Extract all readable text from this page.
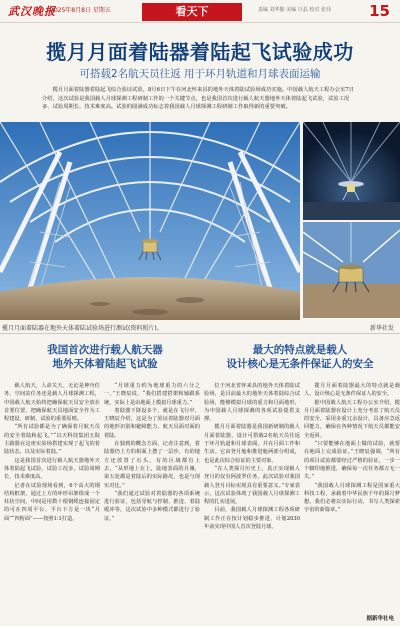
武汉晚报
2025年8月8日 星期五	看天下	责编 刘华勤 美编 日晶 校对 张玮	15
揽月月面着陆器着陆起飞试验成功
可搭载2名航天员往返 用于环月轨道和月球表面运输

揽月月面着陆器着陆起飞综合验证试验，8月6日下午在河北怀来县的地外天体着陆试验场成功实施。中国载人航天工程办公室7日介绍，这次试验是我国载人月球探测工程研制工作的一个关键节点，也是我国首次进行载人航天器地外天体着陆起飞试验，试验工况多、试验周期长，技术难度高。试验的圆满成功标志着我国载人月球探测工程研制工作取得新的重要突破。

揽月月面着陆器在地外天体着陆试验场进行测试(资料照片)。	新华社发
我国首次进行载人航天器
地外天体着陆起飞试验
最大的特点就是载人
设计核心是无条件保证人的安全

载人航天，人命关天。无论是神舟任务，空间站任务还是载人月球探测工程，中国载人航天始终把确保航天员安全放在首要位置，把确保航天员地面安全作为工程建设、研制、试验的重要原则。

“所有试验都是为了确保着月航天员的安全着陆和起飞。”“以天科技集团五院主路器在这座实验场搭建实现了起飞的着陆状态，以及实际着陆。”

这是我国首次进行载人航天器地外天体着陆起飞试验，试验工况多，试验周期长，技术难度高。

记者在试验现场看到，6个高大的钢结构框架，通过上方的环形吊架组成一个柱状空间，中间是用数十根钢缆连接固定的可在四周平台、平台下方是一块“月面”“四桁面”——按照1:1打造。

“月球重力约为地球重力的六分之一。”王晓辰说，“我们搭建搭架和轴跟系统，实际上是由地面上模拟月球重力。”

着陆器下降设多个，就是在飞行中，王晓辰介绍，这是为了验证着陆器对月面的地形识别和避障能力，航天员面对面的着陆。

在独到的概念方面，记者注意到，着陆器仍上方的相面上摆了一层沙，有的地方还放置了石头。有的区域都有上去，“从形地上在上，陆地表面的月壤，第五处都是着陆后的实际路况，也是与现实对比。”

“我们通过试验对着陆器的各项系统进行验证，包括导航与控制、推进、着陆缓冲等，这次试验中多种模式都进行了验证。”

位于河北省怀来县的地外天体着陆试验场，是目前最大的地外天体着陆综合试验场，能够模拟月球的重力和月面地形，为中国载人月球探测的各项试验提供支撑。

揽月月面着陆器是我国新研制的载人月面着陆器，设计可搭载2名航天员往返于环月轨道和月球表面，并在月面工作和生活。它由登月舱和推进舱两部分组成，也是此次综合验证的主要对象。

“在人类探月历史上，真正实现载人登月的仅有阿波罗任务，此次试验对我国载人登月目标实现具有重要意义。”专家表示，这次试验体现了我国载人月球探测工程的扎实进展。

目前，我国载人月球探测工程各项研制工作正在按计划稳步推进，计划2030年前实现中国人首次登陆月球。

揽月月面着陆器最大的特点就是载人，设计核心是无条件保证人的安全。

据中国载人航天工程办公室介绍，揽月月面着陆器在设计上充分考虑了航天员的安全，采用多重冗余设计，具备应急返回能力，确保在各种情况下航天员都能安全返回。

“只要能够在地面上做的试验，就要在地面上完成验证。”王晓辰强调，“所有的项目试验都要经过严格的验证，一步一个脚印地推进，确保每一次任务都万无一失。”

“我国载人月球探测工程是国家重大科技工程，承载着中华民族千年的探月梦想，我们必将以实际行动，书写人类探索宇宙的新篇章。”

据新华社电
